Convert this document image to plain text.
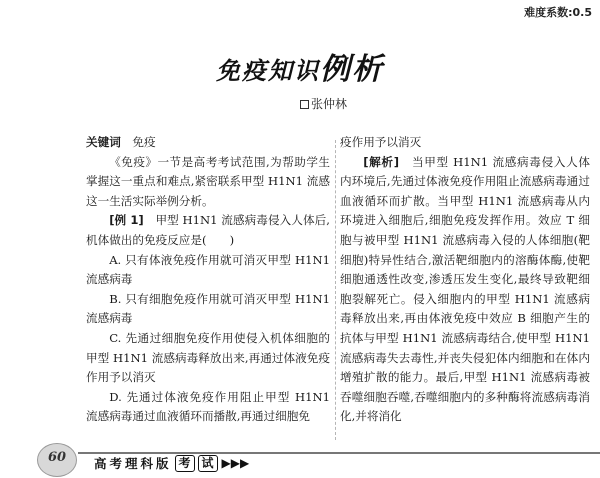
难度系数:0.5
免疫知识例析
张仲林

关键词　 免疫

《免疫》一节是高考考试范围,为帮助学生掌握这一重点和难点,紧密联系甲型 H1N1 流感这一生活实际举例分析。

[例 1]　 甲型 H1N1 流感病毒侵入人体后,机体做出的免疫反应是(　　)

A. 只有体液免疫作用就可消灭甲型 H1N1 流感病毒

B. 只有细胞免疫作用就可消灭甲型 H1N1 流感病毒

C. 先通过细胞免疫作用使侵入机体细胞的甲型 H1N1 流感病毒释放出来,再通过体液免疫作用予以消灭

D. 先通过体液免疫作用阻止甲型 H1N1 流感病毒通过血液循环而播散,再通过细胞免

疫作用予以消灭

[解析]　 当甲型 H1N1 流感病毒侵入人体内环境后,先通过体液免疫作用阻止流感病毒通过血液循环而扩散。当甲型 H1N1 流感病毒从内环境进入细胞后,细胞免疫发挥作用。效应 T 细胞与被甲型 H1N1 流感病毒入侵的人体细胞(靶细胞)特异性结合,激活靶细胞内的溶酶体酶,使靶细胞通透性改变,渗透压发生变化,最终导致靶细胞裂解死亡。侵入细胞内的甲型 H1N1 流感病毒释放出来,再由体液免疫中效应 B 细胞产生的抗体与甲型 H1N1 流感病毒结合,使甲型 H1N1 流感病毒失去毒性,并丧失侵犯体内细胞和在体内增殖扩散的能力。最后,甲型 H1N1 流感病毒被吞噬细胞吞噬,吞噬细胞内的多种酶将流感病毒消化,并将消化

60	高考理科版 考 试 ▶▶▶
